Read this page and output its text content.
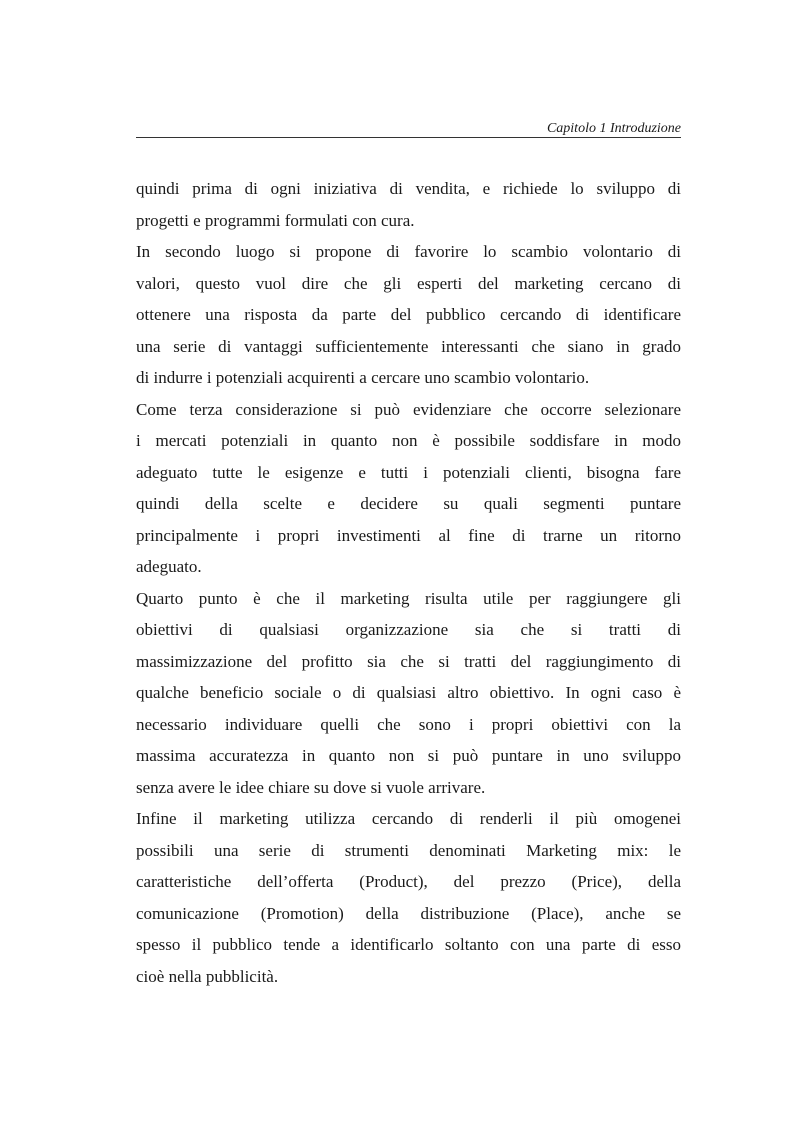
Capitolo 1 Introduzione
quindi prima di ogni iniziativa di vendita, e richiede lo sviluppo di
progetti e programmi formulati con cura.
In secondo luogo si propone di favorire lo scambio volontario di
valori, questo vuol dire che gli esperti del marketing cercano di
ottenere una risposta da parte del pubblico cercando di identificare
una serie di vantaggi sufficientemente interessanti che siano in grado
di indurre i potenziali acquirenti a cercare uno scambio volontario.
Come terza considerazione si può evidenziare che occorre selezionare
i mercati potenziali in quanto non è possibile soddisfare in modo
adeguato tutte le esigenze e tutti i potenziali clienti, bisogna fare
quindi della scelte e decidere su quali segmenti puntare
principalmente i propri investimenti al fine di trarne un ritorno
adeguato.
Quarto punto è che il marketing risulta utile per raggiungere gli
obiettivi di qualsiasi organizzazione sia che si tratti di
massimizzazione del profitto sia che si tratti del raggiungimento di
qualche beneficio sociale o di qualsiasi altro obiettivo. In ogni caso è
necessario individuare quelli che sono i propri obiettivi con la
massima accuratezza in quanto non si può puntare in uno sviluppo
senza avere le idee chiare su dove si vuole arrivare.
Infine il marketing utilizza cercando di renderli il più omogenei
possibili una serie di strumenti denominati Marketing mix: le
caratteristiche dell’offerta (Product), del prezzo (Price), della
comunicazione (Promotion) della distribuzione (Place), anche se
spesso il pubblico tende a identificarlo soltanto con una parte di esso
cioè nella pubblicità.
